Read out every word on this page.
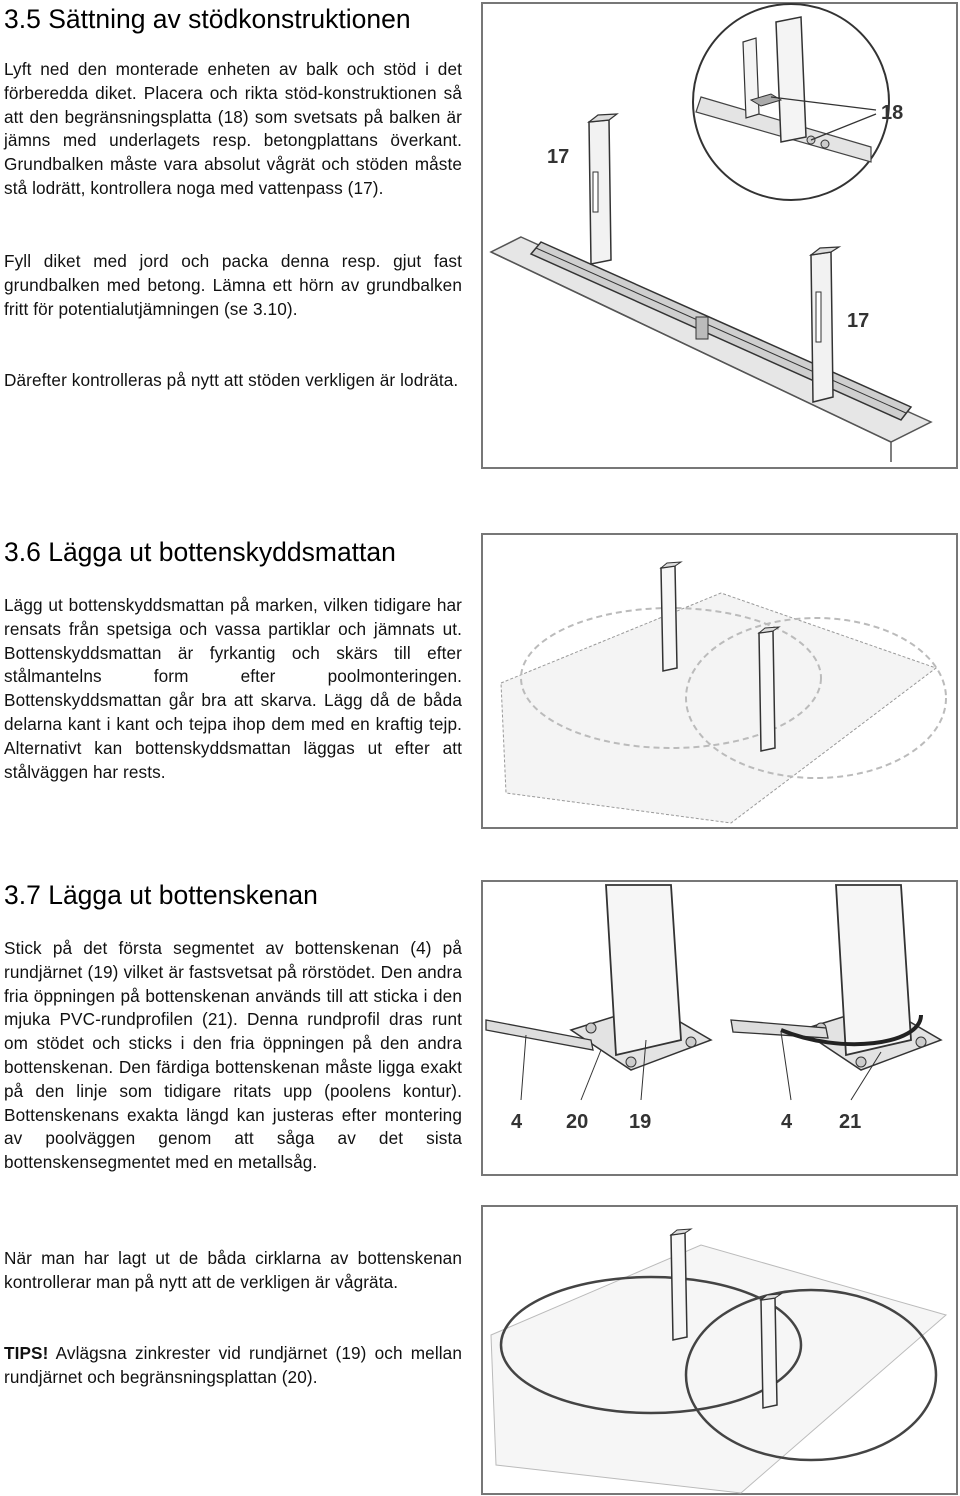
3.5 Sättning av stödkonstruktionen

Lyft ned den monterade enheten av balk och stöd i det förberedda diket. Placera och rikta stöd-konstruktionen så att den begränsningsplatta (18) som svetsats på balken är jämns med underlagets resp. betongplattans överkant. Grundbalken måste vara absolut vågrät och stöden måste stå lodrätt, kontrollera noga med vattenpass (17).

Fyll diket med jord och packa denna resp. gjut fast grundbalken med betong. Lämna ett hörn av grundbalken fritt för potentialutjämningen (se 3.10).

Därefter kontrolleras på nytt att stöden verkligen är lodräta.

18
17
17
3.6 Lägga ut bottenskyddsmattan

Lägg ut bottenskyddsmattan på marken, vilken tidigare har rensats från spetsiga och vassa partiklar och jämnats ut. Bottenskyddsmattan är fyrkantig och skärs till efter stålmantelns form efter poolmonteringen. Bottenskyddsmattan går bra att skarva. Lägg då de båda delarna kant i kant och tejpa ihop dem med en kraftig tejp. Alternativt kan bottenskyddsmattan läggas ut efter att stålväggen har rests.

3.7 Lägga ut bottenskenan

Stick på det första segmentet av bottenskenan (4) på rundjärnet (19) vilket är fastsvetsat på rörstödet. Den andra fria öppningen på bottenskenan används till att sticka i den mjuka PVC-rundprofilen (21). Denna rundprofil dras runt om stödet och sticks i den fria öppningen på den andra bottenskenan. Den färdiga bottenskenan måste ligga exakt på den linje som tidigare ritats upp (poolens kontur). Bottenskenans exakta längd kan justeras efter montering av poolväggen genom att såga av det sista bottenskensegmentet med en metallsåg.

När man har lagt ut de båda cirklarna av bottenskenan kontrollerar man på nytt att de verkligen är vågräta.

TIPS! Avlägsna zinkrester vid rundjärnet (19) och mellan rundjärnet och begränsningsplattan (20).

4 20 19	4 21
